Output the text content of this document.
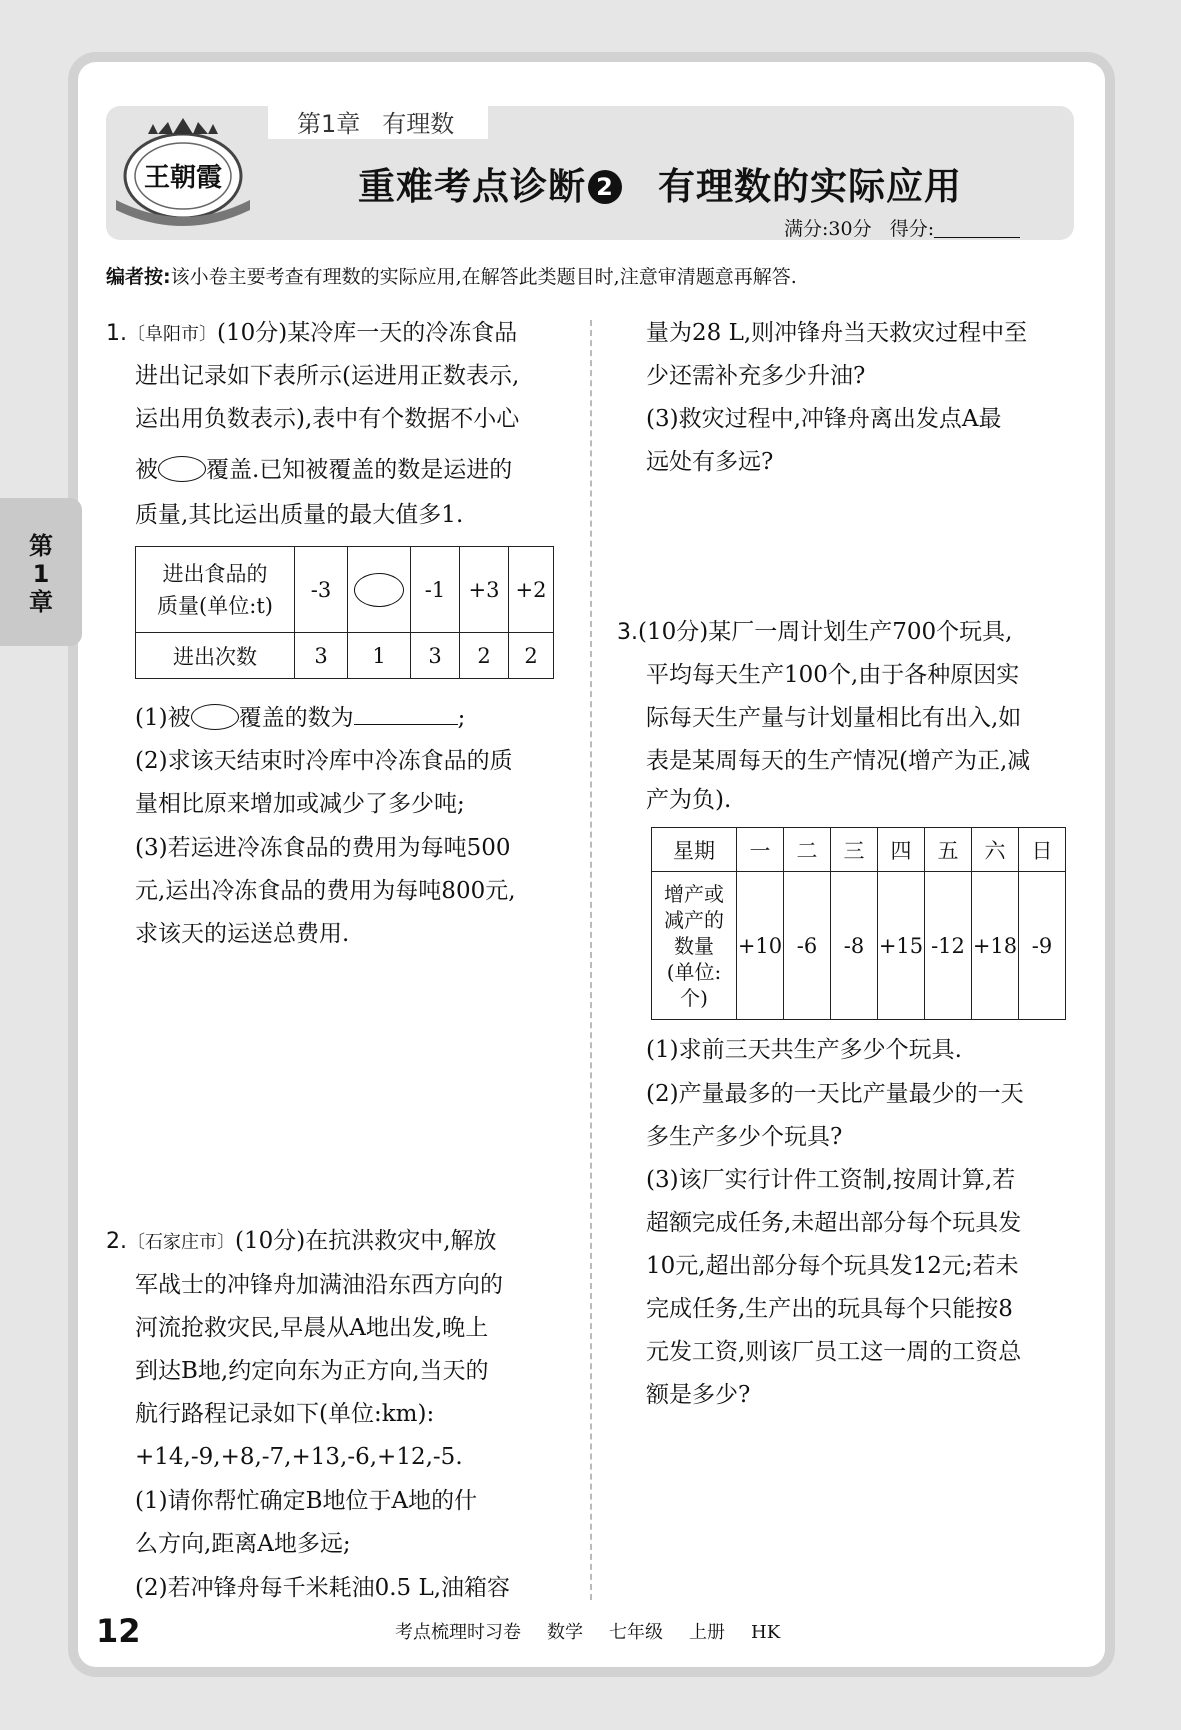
第1章 有理数
王朝霞	重难考点诊断 2 有理数的实际应用
满分:30分 得分:
编者按:该小卷主要考查有理数的实际应用,在解答此类题目时,注意审清题意再解答.
第
1
章
1.〔阜阳市〕(10分)某冷库一天的冷冻食品
进出记录如下表所示(运进用正数表示,
运出用负数表示),表中有个数据不小心
被 覆盖.已知被覆盖的数是运进的
质量,其比运出质量的最大值多1.
进出食品的
质量(单位:t)	-3		-1	+3	+2
进出次数	3	1	3	2	2
(1)被 覆盖的数为	;
(2)求该天结束时冷库中冷冻食品的质
量相比原来增加或减少了多少吨;
(3)若运进冷冻食品的费用为每吨500
元,运出冷冻食品的费用为每吨800元,
求该天的运送总费用.
2.〔石家庄市〕(10分)在抗洪救灾中,解放
军战士的冲锋舟加满油沿东西方向的
河流抢救灾民,早晨从A地出发,晚上
到达B地,约定向东为正方向,当天的
航行路程记录如下(单位:km):
+14,-9,+8,-7,+13,-6,+12,-5.
(1)请你帮忙确定B地位于A地的什
么方向,距离A地多远;
(2)若冲锋舟每千米耗油0.5 L,油箱容
量为28 L,则冲锋舟当天救灾过程中至
少还需补充多少升油?
(3)救灾过程中,冲锋舟离出发点A最
远处有多远?
3.(10分)某厂一周计划生产700个玩具,
平均每天生产100个,由于各种原因实
际每天生产量与计划量相比有出入,如
表是某周每天的生产情况(增产为正,减
产为负).
星期	一	二	三	四	五	六	日

增产或
减产的
数量
(单位:
个)	+10	-6	-8	+15	-12	+18	-9
(1)求前三天共生产多少个玩具.
(2)产量最多的一天比产量最少的一天
多生产多少个玩具?
(3)该厂实行计件工资制,按周计算,若
超额完成任务,未超出部分每个玩具发
10元,超出部分每个玩具发12元;若未
完成任务,生产出的玩具每个只能按8
元发工资,则该厂员工这一周的工资总
额是多少?
12	考点梳理时习卷 数学 七年级 上册 HK
